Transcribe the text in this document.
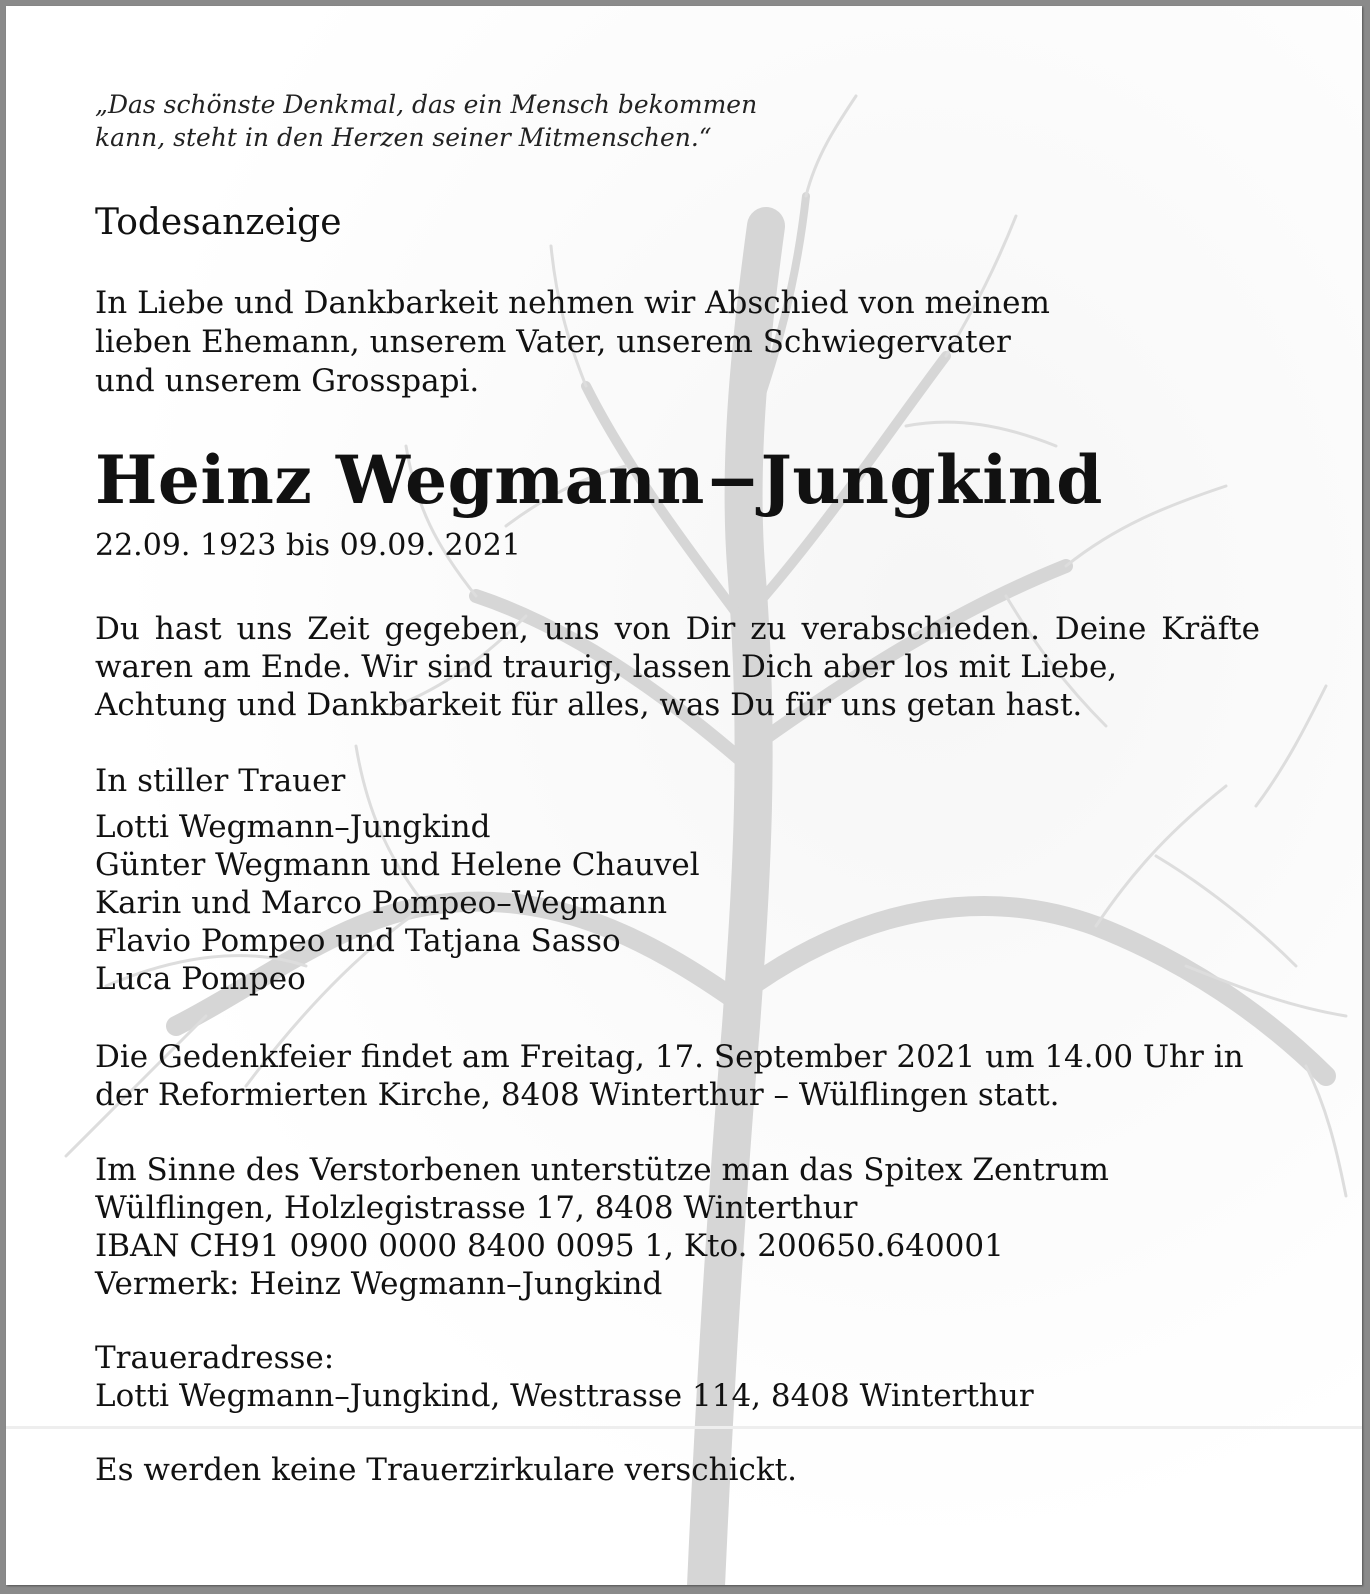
„Das schönste Denkmal, das ein Mensch bekommen
kann, steht in den Herzen seiner Mitmenschen.“
Todesanzeige
In Liebe und Dankbarkeit nehmen wir Abschied von meinem
lieben Ehemann, unserem Vater, unserem Schwiegervater
und unserem Grosspapi.
Heinz Wegmann−Jungkind
22.09. 1923 bis 09.09. 2021
Du hast uns Zeit gegeben, uns von Dir zu verabschieden. Deine Kräfte
waren am Ende. Wir sind traurig, lassen Dich aber los mit Liebe,
Achtung und Dankbarkeit für alles, was Du für uns getan hast.
In stiller Trauer
Lotti Wegmann–Jungkind
Günter Wegmann und Helene Chauvel
Karin und Marco Pompeo–Wegmann
Flavio Pompeo und Tatjana Sasso
Luca Pompeo
Die Gedenkfeier findet am Freitag, 17. September 2021 um 14.00 Uhr in
der Reformierten Kirche, 8408 Winterthur – Wülflingen statt.
Im Sinne des Verstorbenen unterstütze man das Spitex Zentrum
Wülflingen, Holzlegistrasse 17, 8408 Winterthur
IBAN CH91 0900 0000 8400 0095 1, Kto. 200650.640001
Vermerk: Heinz Wegmann–Jungkind
Traueradresse:
Lotti Wegmann–Jungkind, Westtrasse 114, 8408 Winterthur
Es werden keine Trauerzirkulare verschickt.
